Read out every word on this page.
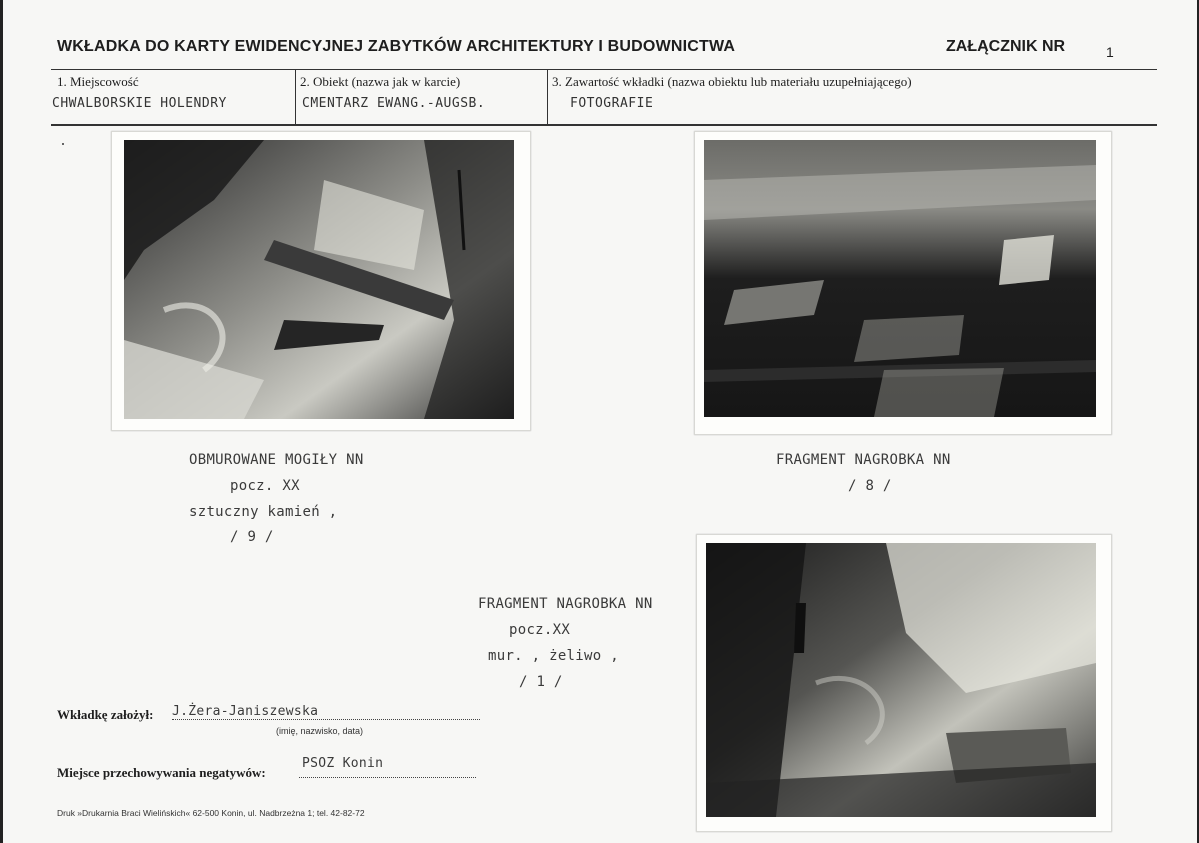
WKŁADKA DO KARTY EWIDENCYJNEJ ZABYTKÓW ARCHITEKTURY I BUDOWNICTWA	ZAŁĄCZNIK NR	1
1. Miejscowość
CHWALBORSKIE HOLENDRY
2. Obiekt (nazwa jak w karcie)
CMENTARZ EWANG.-AUGSB.
3. Zawartość wkładki (nazwa obiektu lub materiału uzupełniającego)
FOTOGRAFIE
OBMUROWANE MOGIŁY NN
pocz. XX
sztuczny kamień ,
/ 9 /
FRAGMENT NAGROBKA NN
/ 8 /
FRAGMENT NAGROBKA NN
pocz.XX
mur. , żeliwo ,
/ 1 /
Wkładkę założył: J.Żera-Janiszewska
(imię, nazwisko, data)
Miejsce przechowywania negatywów:
PSOZ Konin
Druk »Drukarnia Braci Wielińskich« 62-500 Konin, ul. Nadbrzeżna 1; tel. 42-82-72
